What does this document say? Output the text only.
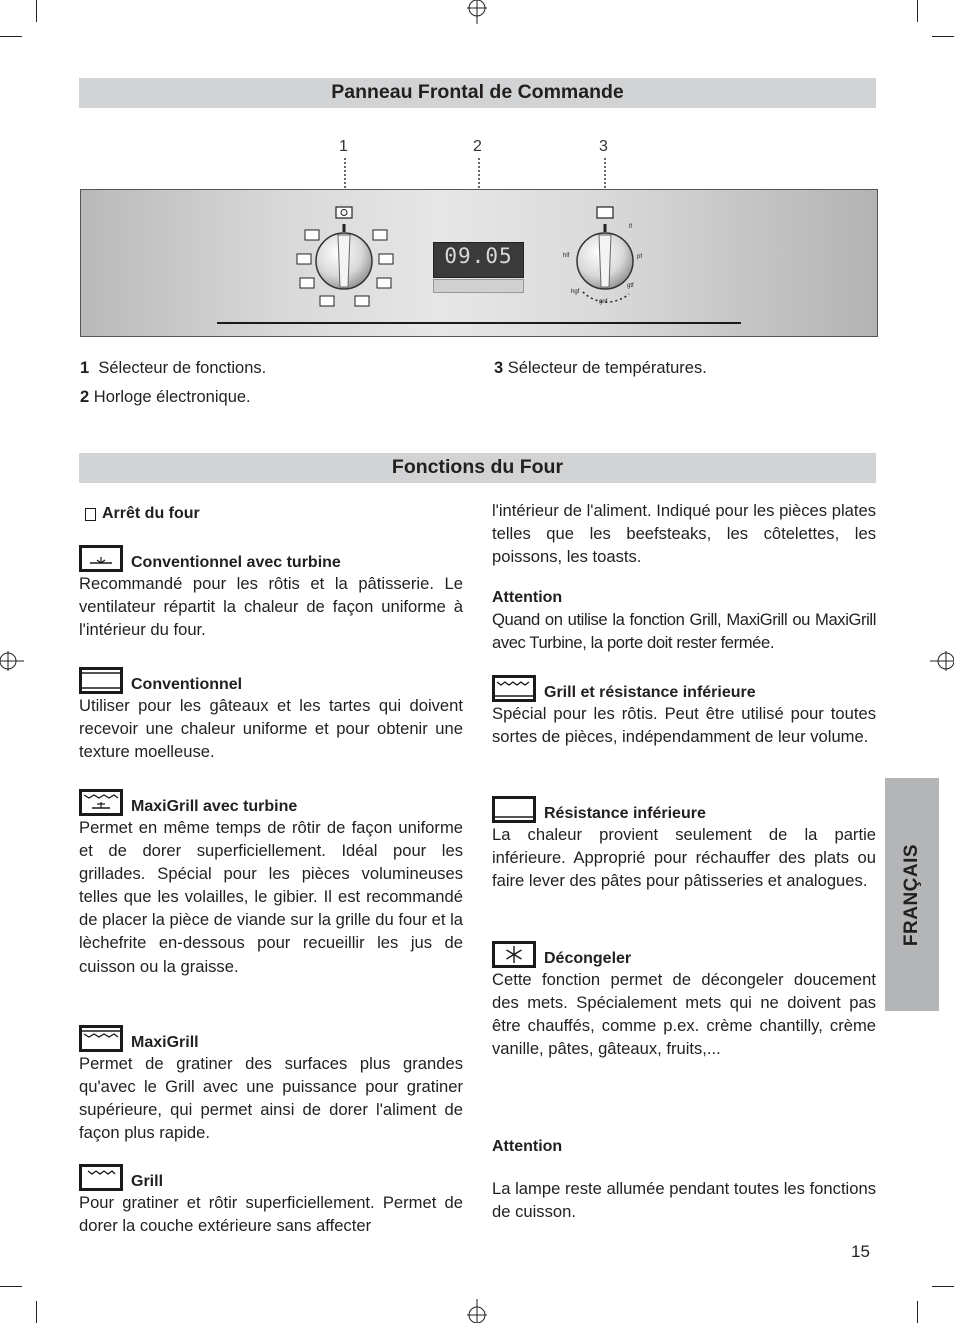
Panneau Frontal de Commande
1	2	3
09.05
lf
pf
gtf
gnf
hgf
hlf
1 Sélecteur de fonctions.
2 Horloge électronique.
3 Sélecteur de températures.
Fonctions du Four
Arrêt du four
Conventionnel avec turbine

Recommandé pour les rôtis et la pâtisserie. Le ventilateur répartit la chaleur de façon uniforme à l'intérieur du four.

Conventionnel

Utiliser pour les gâteaux et les tartes qui doivent recevoir une chaleur uniforme et pour obtenir une texture moelleuse.

MaxiGrill avec turbine

Permet en même temps de rôtir de façon uniforme et de dorer superficiellement. Idéal pour les grillades. Spécial pour les pièces volumineuses telles que les volailles, le gibier. Il est recommandé de placer la pièce de viande sur la grille du four et la lèchefrite en-dessous pour recueillir les jus de cuisson ou la graisse.

MaxiGrill

Permet de gratiner des surfaces plus grandes qu'avec le Grill avec une puissance pour gratiner supérieure, qui permet ainsi de dorer l'aliment de façon plus rapide.

Grill

Pour gratiner et rôtir superficiellement. Permet de dorer la couche extérieure sans affecter

l'intérieur de l'aliment. Indiqué pour les pièces plates telles que les beefsteaks, les côtelettes, les poissons, les toasts.

Attention

Quand on utilise la fonction Grill, MaxiGrill ou MaxiGrill avec Turbine, la porte doit rester fermée.

Grill et résistance inférieure

Spécial pour les rôtis. Peut être utilisé pour toutes sortes de pièces, indépendamment de leur volume.

Résistance inférieure

La chaleur provient seulement de la partie inférieure. Approprié pour réchauffer des plats ou faire lever des pâtes pour pâtisseries et analogues.

Décongeler

Cette fonction permet de décongeler doucement des mets. Spécialement mets qui ne doivent pas être chauffés, comme p.ex. crème chantilly, crème vanille, pâtes, gâteaux, fruits,...

Attention

La lampe reste allumée pendant toutes les fonctions de cuisson.

FRANÇAIS
15
